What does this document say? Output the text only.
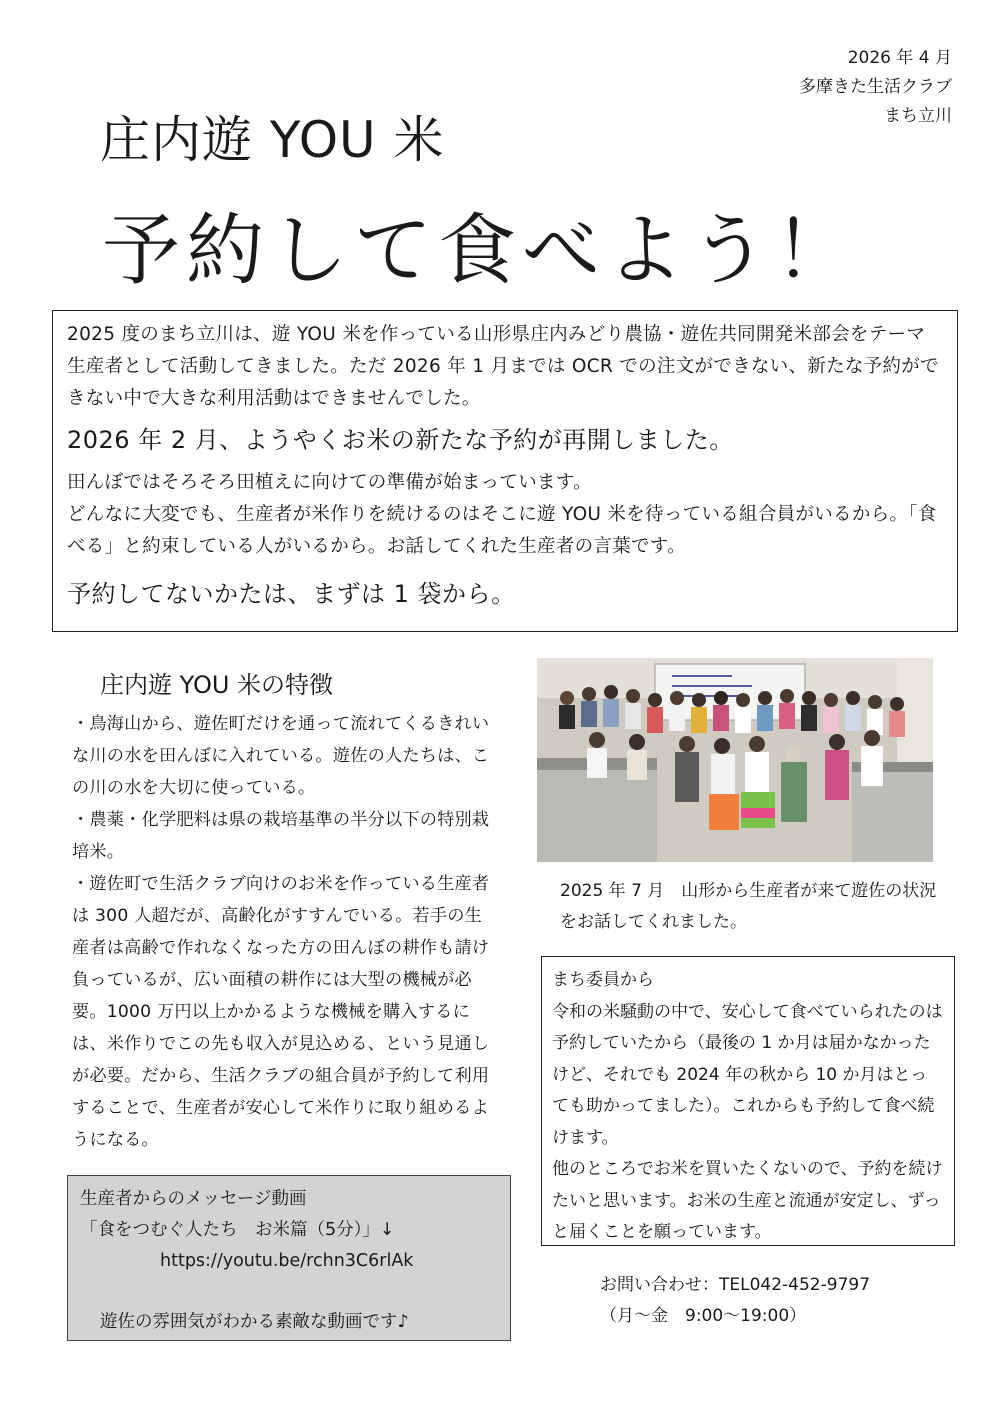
2026 年 4 月
多摩きた生活クラブ
まち立川
庄内遊 YOU 米
予約して食べよう！
2025 度のまち立川は、遊 YOU 米を作っている山形県庄内みどり農協・遊佐共同開発米部会をテーマ生産者として活動してきました。ただ 2026 年 1 月までは OCR での注文ができない、新たな予約ができない中で大きな利用活動はできませんでした。
2026 年 2 月、ようやくお米の新たな予約が再開しました。
田んぼではそろそろ田植えに向けての準備が始まっています。
どんなに大変でも、生産者が米作りを続けるのはそこに遊 YOU 米を待っている組合員がいるから。「食べる」と約束している人がいるから。お話してくれた生産者の言葉です。
予約してないかたは、まずは 1 袋から。
庄内遊 YOU 米の特徴
・鳥海山から、遊佐町だけを通って流れてくるきれいな川の水を田んぼに入れている。遊佐の人たちは、この川の水を大切に使っている。
・農薬・化学肥料は県の栽培基準の半分以下の特別栽培米。
・遊佐町で生活クラブ向けのお米を作っている生産者は 300 人超だが、高齢化がすすんでいる。若手の生産者は高齢で作れなくなった方の田んぼの耕作も請け負っているが、広い面積の耕作には大型の機械が必要。1000 万円以上かかるような機械を購入するには、米作りでこの先も収入が見込める、という見通しが必要。だから、生活クラブの組合員が予約して利用することで、生産者が安心して米作りに取り組めるようになる。
2025 年 7 月　山形から生産者が来て遊佐の状況をお話してくれました。
まち委員から
令和の米騒動の中で、安心して食べていられたのは予約していたから（最後の 1 か月は届かなかったけど、それでも 2024 年の秋から 10 か月はとっても助かってました）。これからも予約して食べ続けます。
他のところでお米を買いたくないので、予約を続けたいと思います。お米の生産と流通が安定し、ずっと届くことを願っています。
生産者からのメッセージ動画
「食をつむぐ人たち　お米篇（5分）」↓
https://youtu.be/rchn3C6rlAk
遊佐の雰囲気がわかる素敵な動画です♪
お問い合わせ：TEL042-452-9797
（月～金　9:00～19:00）
